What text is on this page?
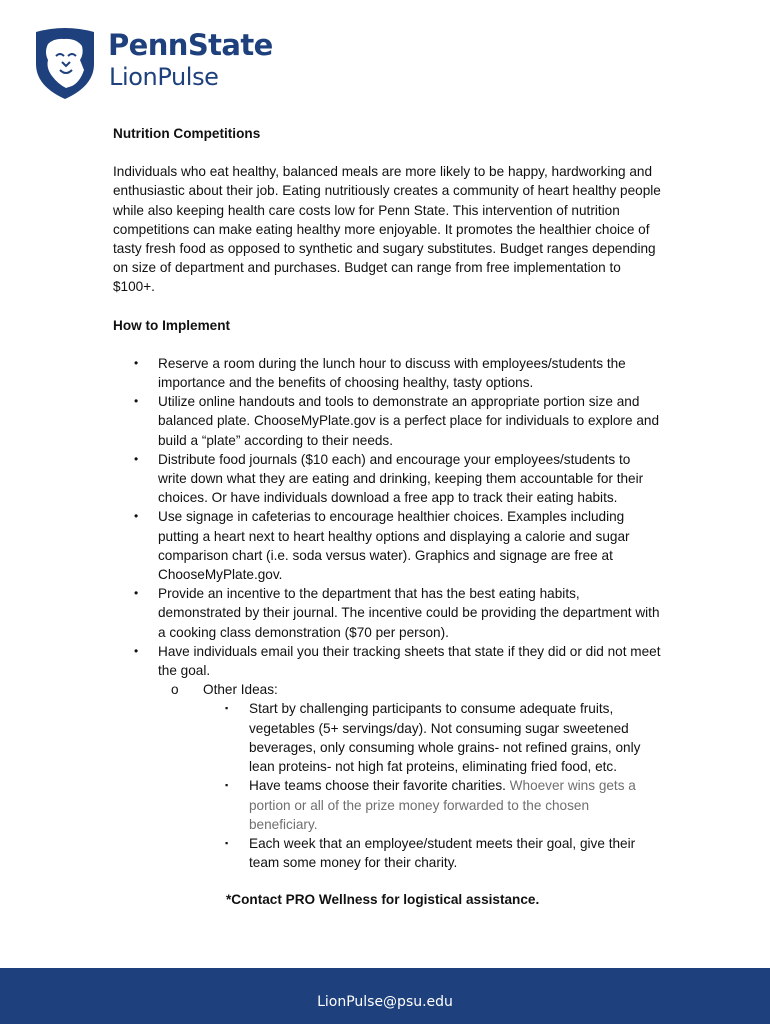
PennState
LionPulse

Nutrition Competitions

Individuals who eat healthy, balanced meals are more likely to be happy, hardworking and enthusiastic about their job. Eating nutritiously creates a community of heart healthy people while also keeping health care costs low for Penn State. This intervention of nutrition competitions can make eating healthy more enjoyable. It promotes the healthier choice of tasty fresh food as opposed to synthetic and sugary substitutes. Budget ranges depending on size of department and purchases. Budget can range from free implementation to $100+.

How to Implement

• Reserve a room during the lunch hour to discuss with employees/students the importance and the benefits of choosing healthy, tasty options.
• Utilize online handouts and tools to demonstrate an appropriate portion size and balanced plate. ChooseMyPlate.gov is a perfect place for individuals to explore and build a “plate” according to their needs.
• Distribute food journals ($10 each) and encourage your employees/students to write down what they are eating and drinking, keeping them accountable for their choices. Or have individuals download a free app to track their eating habits.
• Use signage in cafeterias to encourage healthier choices. Examples including putting a heart next to heart healthy options and displaying a calorie and sugar comparison chart (i.e. soda versus water). Graphics and signage are free at ChooseMyPlate.gov.
• Provide an incentive to the department that has the best eating habits, demonstrated by their journal. The incentive could be providing the department with a cooking class demonstration ($70 per person).
• Have individuals email you their tracking sheets that state if they did or did not meet the goal.
o Other Ideas:
▪ Start by challenging participants to consume adequate fruits, vegetables (5+ servings/day). Not consuming sugar sweetened beverages, only consuming whole grains- not refined grains, only lean proteins- not high fat proteins, eliminating fried food, etc.
▪ Have teams choose their favorite charities. Whoever wins gets a portion or all of the prize money forwarded to the chosen beneficiary.
▪ Each week that an employee/student meets their goal, give their team some money for their charity.

*Contact PRO Wellness for logistical assistance.

LionPulse@psu.edu
